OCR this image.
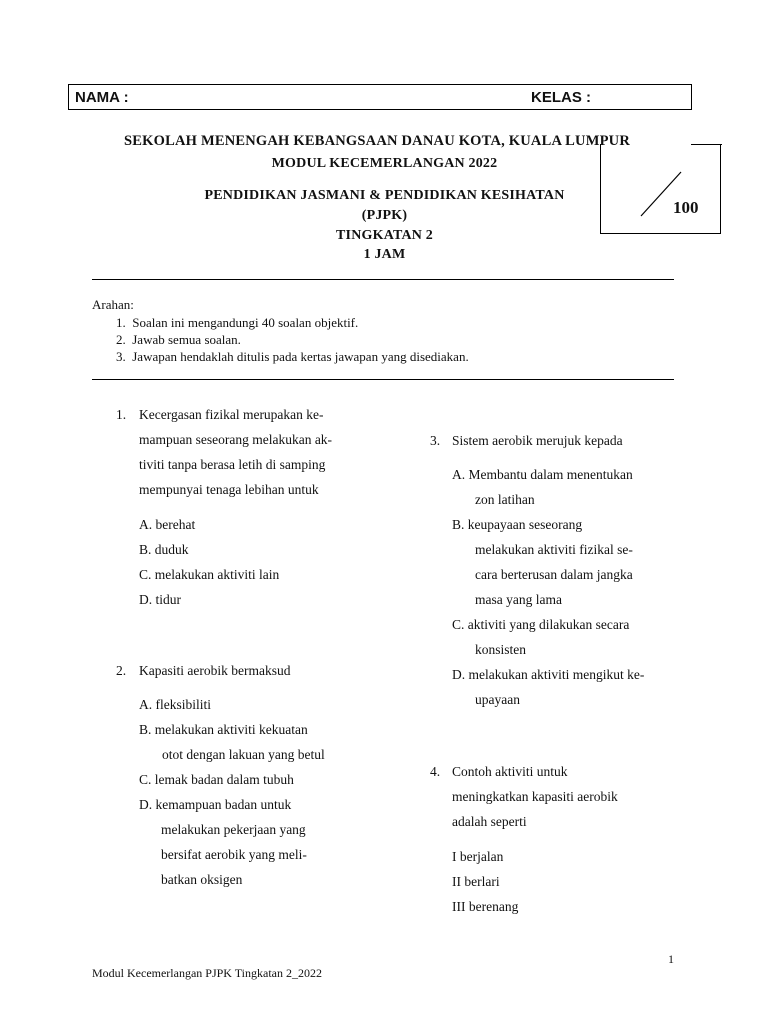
NAMA :	KELAS :
SEKOLAH MENENGAH KEBANGSAAN DANAU KOTA, KUALA LUMPUR
MODUL KECEMERLANGAN 2022
PENDIDIKAN JASMANI & PENDIDIKAN KESIHATAN
(PJPK)
TINGKATAN 2
1 JAM
100
Arahan:
1.  Soalan ini mengandungi 40 soalan objektif.
2.  Jawab semua soalan.
3.  Jawapan hendaklah ditulis pada kertas jawapan yang disediakan.
1. Kecergasan fizikal merupakan ke-
mampuan seseorang melakukan ak-
tiviti tanpa berasa letih di samping
mempunyai tenaga lebihan untuk
A. berehat
B. duduk
C. melakukan aktiviti lain
D. tidur
2. Kapasiti aerobik bermaksud
A. fleksibiliti
B. melakukan aktiviti kekuatan
otot dengan lakuan yang betul
C. lemak badan dalam tubuh
D. kemampuan badan untuk
melakukan pekerjaan yang
bersifat aerobik yang meli-
batkan oksigen
3. Sistem aerobik merujuk kepada
A. Membantu dalam menentukan
zon latihan
B. keupayaan seseorang
melakukan aktiviti fizikal se-
cara berterusan dalam jangka
masa yang lama
C. aktiviti yang dilakukan secara
konsisten
D. melakukan aktiviti mengikut ke-
upayaan
4. Contoh aktiviti untuk
meningkatkan kapasiti aerobik
adalah seperti
I berjalan
II berlari
III berenang
1
Modul Kecemerlangan PJPK Tingkatan 2_2022
